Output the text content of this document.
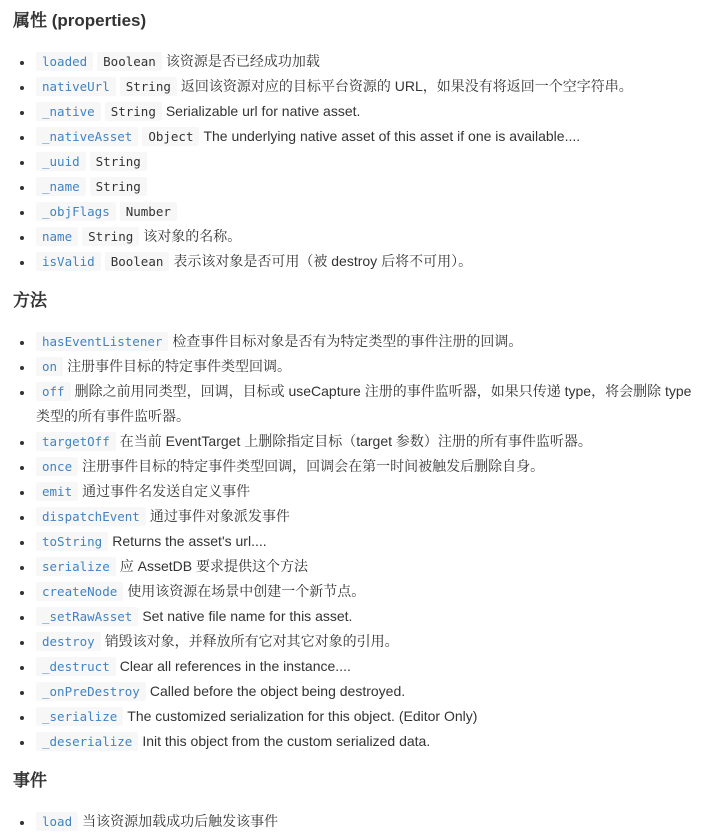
属性 (properties)
• loaded Boolean 该资源是否已经成功加载
• nativeUrl String 返回该资源对应的目标平台资源的 URL，如果没有将返回一个空字符串。
• _native String Serializable url for native asset.
• _nativeAsset Object The underlying native asset of this asset if one is available....
• _uuid String
• _name String
• _objFlags Number
• name String 该对象的名称。
• isValid Boolean 表示该对象是否可用（被 destroy 后将不可用）。
方法
• hasEventListener 检查事件目标对象是否有为特定类型的事件注册的回调。
• on 注册事件目标的特定事件类型回调。
• off 删除之前用同类型，回调，目标或 useCapture 注册的事件监听器，如果只传递 type，将会删除 type 类型的所有事件监听器。
• targetOff 在当前 EventTarget 上删除指定目标（target 参数）注册的所有事件监听器。
• once 注册事件目标的特定事件类型回调，回调会在第一时间被触发后删除自身。
• emit 通过事件名发送自定义事件
• dispatchEvent 通过事件对象派发事件
• toString Returns the asset's url....
• serialize 应 AssetDB 要求提供这个方法
• createNode 使用该资源在场景中创建一个新节点。
• _setRawAsset Set native file name for this asset.
• destroy 销毁该对象，并释放所有它对其它对象的引用。
• _destruct Clear all references in the instance....
• _onPreDestroy Called before the object being destroyed.
• _serialize The customized serialization for this object. (Editor Only)
• _deserialize Init this object from the custom serialized data.
事件
• load 当该资源加载成功后触发该事件
